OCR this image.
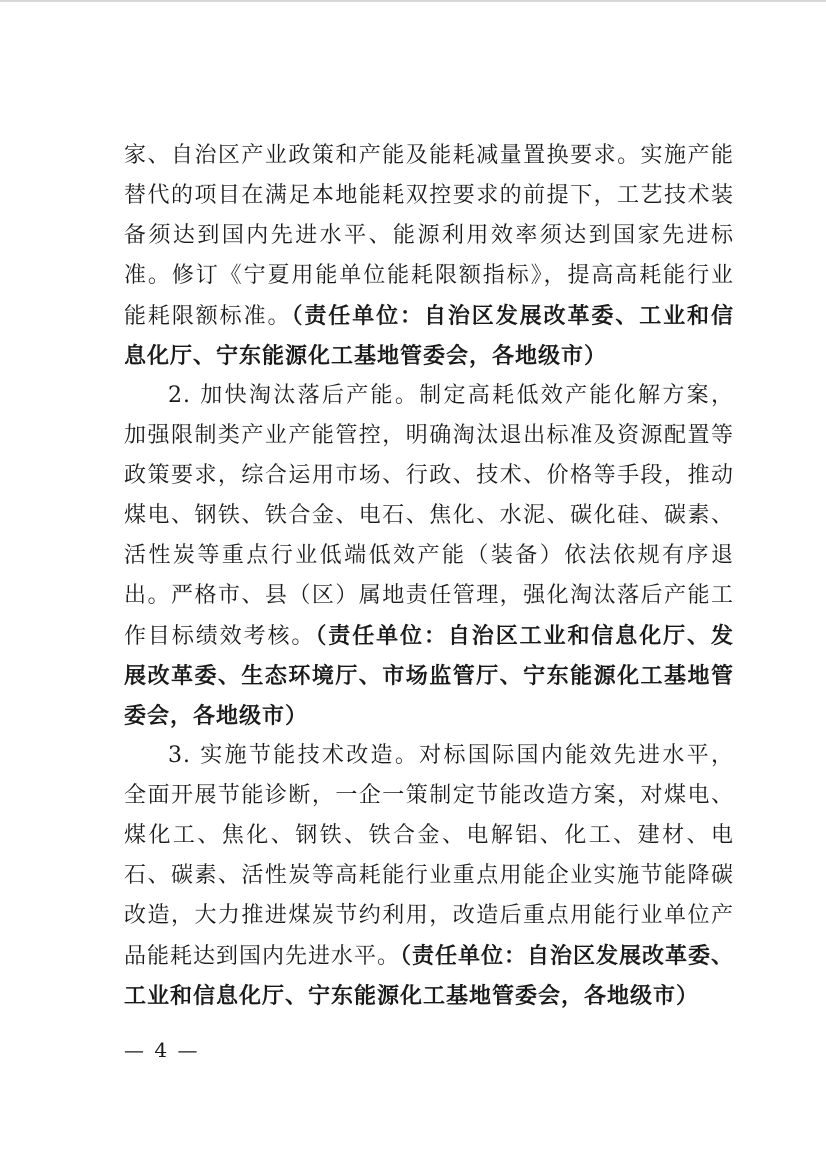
家、自治区产业政策和产能及能耗减量置换要求。实施产能
替代的项目在满足本地能耗双控要求的前提下，工艺技术装
备须达到国内先进水平、能源利用效率须达到国家先进标
准。修订《宁夏用能单位能耗限额指标》，提高高耗能行业
能耗限额标准。（责任单位：自治区发展改革委、工业和信
息化厅、宁东能源化工基地管委会，各地级市）
2. 加快淘汰落后产能。制定高耗低效产能化解方案，
加强限制类产业产能管控，明确淘汰退出标准及资源配置等
政策要求，综合运用市场、行政、技术、价格等手段，推动
煤电、钢铁、铁合金、电石、焦化、水泥、碳化硅、碳素、
活性炭等重点行业低端低效产能（装备）依法依规有序退
出。严格市、县（区）属地责任管理，强化淘汰落后产能工
作目标绩效考核。（责任单位：自治区工业和信息化厅、发
展改革委、生态环境厅、市场监管厅、宁东能源化工基地管
委会，各地级市）
3. 实施节能技术改造。对标国际国内能效先进水平，
全面开展节能诊断，一企一策制定节能改造方案，对煤电、
煤化工、焦化、钢铁、铁合金、电解铝、化工、建材、电
石、碳素、活性炭等高耗能行业重点用能企业实施节能降碳
改造，大力推进煤炭节约利用，改造后重点用能行业单位产
品能耗达到国内先进水平。（责任单位：自治区发展改革委、
工业和信息化厅、宁东能源化工基地管委会，各地级市）
— 4 —
